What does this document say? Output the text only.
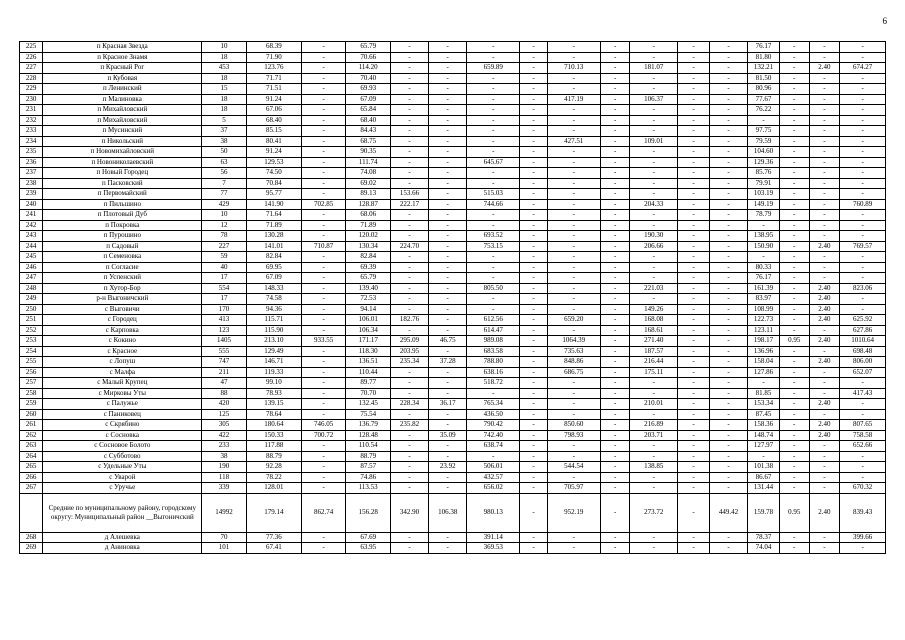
6
225	п Красная Звезда	10	68.39	-	65.79	-	-	-	-	-	-	-	-	-	76.17	-	-	-
226	п Красное Знамя	18	71.90	-	70.66	-	-	-	-	-	-	-	-	-	81.80	-	-	-
227	п Красный Рог	453	123.76	-	114.20	-	-	659.89	-	710.13	-	181.07	-	-	132.21	-	2.40	674.27
228	п Кубовая	18	71.71	-	70.40	-	-	-	-	-	-	-	-	-	81.50	-	-	-
229	п Ленинский	15	71.51	-	69.93	-	-	-	-	-	-	-	-	-	80.96	-	-	-
230	п Малиновка	18	91.24	-	67.09	-	-	-	-	417.19	-	106.37	-	-	77.67	-	-	-
231	п Михайловский	18	67.06	-	65.84	-	-	-	-	-	-	-	-	-	76.22	-	-	-
232	п Михайловский	5	68.40	-	68.40	-	-	-	-	-	-	-	-	-	-	-	-	-
233	п Мусинский	37	85.15	-	84.43	-	-	-	-	-	-	-	-	-	97.75	-	-	-
234	п Никольский	38	80.41	-	68.75	-	-	-	-	427.51	-	109.01	-	-	79.59	-	-	-
235	п Новомихайловский	50	91.24	-	90.35	-	-	-	-	-	-	-	-	-	104.60	-	-	-
236	п Новониколаевский	63	129.53	-	111.74	-	-	645.67	-	-	-	-	-	-	129.36	-	-	-
237	п Новый Городец	56	74.50	-	74.08	-	-	-	-	-	-	-	-	-	85.76	-	-	-
238	п Пасковский	7	70.84	-	69.02	-	-	-	-	-	-	-	-	-	79.91	-	-	-
239	п Первомайский	77	95.77	-	89.13	153.66	-	515.03	-	-	-	-	-	-	103.19	-	-	-
240	п Пильшино	429	141.90	702.85	128.87	222.17	-	744.66	-	-	-	204.33	-	-	149.19	-	-	760.89
241	п Плотовый Дуб	10	71.64	-	68.06	-	-	-	-	-	-	-	-	-	78.79	-	-	-
242	п Покровка	12	71.89	-	71.89	-	-	-	-	-	-	-	-	-	-	-	-	-
243	п Пурошино	78	130.28	-	120.02	-	-	693.52	-	-	-	190.30	-	-	138.95	-	-	-
244	п Садовый	227	141.01	710.87	130.34	224.70	-	753.15	-	-	-	206.66	-	-	150.90	-	2.40	769.57
245	п Семеновка	59	82.84	-	82.84	-	-	-	-	-	-	-	-	-	-	-	-	-
246	п Согласие	40	69.95	-	69.39	-	-	-	-	-	-	-	-	-	80.33	-	-	-
247	п Успенский	17	67.09	-	65.79	-	-	-	-	-	-	-	-	-	76.17	-	-	-
248	п Хутор-Бор	554	148.33	-	139.40	-	-	805.50	-	-	-	221.03	-	-	161.39	-	2.40	823.06
249	р-н Выгоничский	17	74.58	-	72.53	-	-	-	-	-	-	-	-	-	83.97	-	2.40	-
250	с Выговичи	170	94.36	-	94.14	-	-	-	-	-	-	149.26	-	-	108.99	-	2.40	-
251	с Городец	413	115.71	-	106.01	182.76	-	612.56	-	659.20	-	168.08	-	-	122.73	-	2.40	625.92
252	с Карповка	123	115.90	-	106.34	-	-	614.47	-	-	-	168.61	-	-	123.11	-	-	627.86
253	с Кокино	1405	213.10	933.55	171.17	295.09	46.75	989.08	-	1064.39	-	271.40	-	-	198.17	0.95	2.40	1010.64
254	с Красное	555	129.49	-	118.30	203.95	-	683.58	-	735.63	-	187.57	-	-	136.96	-	-	698.48
255	с Лопуш	747	146.71	-	136.51	235.34	37.28	788.80	-	848.86	-	216.44	-	-	158.04	-	2.40	806.00
256	с Малфа	211	119.33	-	110.44	-	-	638.16	-	686.75	-	175.11	-	-	127.86	-	-	652.07
257	с Малый Крупец	47	99.10	-	89.77	-	-	518.72	-	-	-	-	-	-	-	-	-	-
258	с Мирковы Уты	88	78.93	-	70.70	-	-	-	-	-	-	-	-	-	81.85	-	-	417.43
259	с Палужье	420	139.15	-	132.45	228.34	36.17	765.34	-	-	-	210.01	-	-	153.34	-	2.40	-
260	с Паниковец	125	78.64	-	75.54	-	-	436.50	-	-	-	-	-	-	87.45	-	-	-
261	с Скрябино	305	180.64	746.05	136.79	235.82	-	790.42	-	850.60	-	216.89	-	-	158.36	-	2.40	807.65
262	с Сосновка	422	150.33	700.72	128.48	-	35.09	742.40	-	798.93	-	203.71	-	-	148.74	-	2.40	758.58
263	с Сосновое Болото	233	117.88	-	110.54	-	-	638.74	-	-	-	-	-	-	127.97	-	-	652.66
264	с Субботово	38	88.79	-	88.79	-	-	-	-	-	-	-	-	-	-	-	-	-
265	с Удельные Уты	190	92.28	-	87.57	-	23.92	506.01	-	544.54	-	138.85	-	-	101.38	-	-	-
266	с Уварой	118	78.22	-	74.86	-	-	432.57	-	-	-	-	-	-	86.67	-	-	-
267	с Уручье	339	128.01	-	113.53	-	-	656.02	-	705.97	-	-	-	-	131.44	-	-	670.32
	Средние по муниципальному району, городскому округу: Муниципальный район __Выгоничский	14992	179.14	862.74	156.28	342.90	106.38	980.13	-	952.19	-	273.72	-	449.42	159.78	0.95	2.40	839.43
268	д Алешевка	70	77.36	-	67.69	-	-	391.14	-	-	-	-	-	-	78.37	-	-	399.66
269	д Аниновка	101	67.41	-	63.95	-	-	369.53	-	-	-	-	-	-	74.04	-	-	-
